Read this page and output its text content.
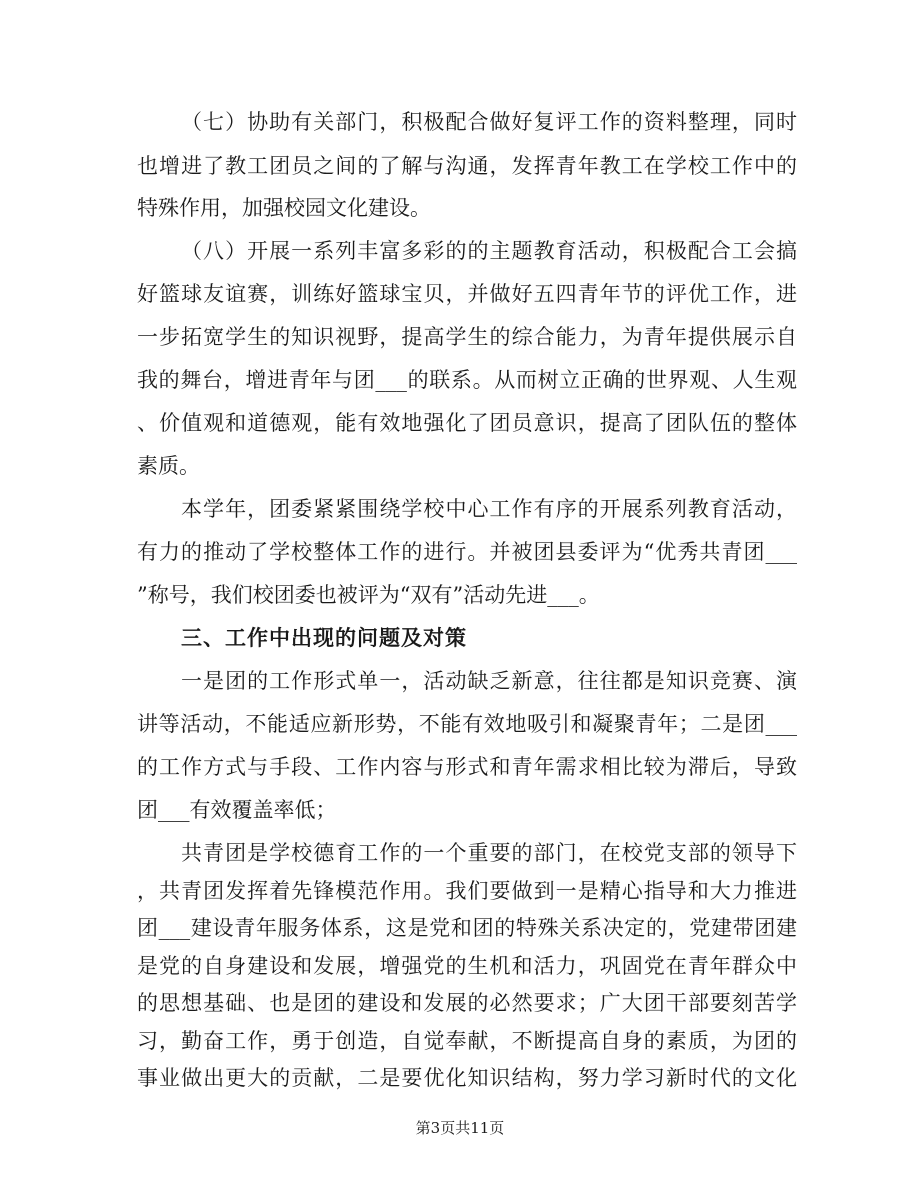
（七）协助有关部门，积极配合做好复评工作的资料整理，同时
也增进了教工团员之间的了解与沟通，发挥青年教工在学校工作中的
特殊作用，加强校园文化建设。
（八）开展一系列丰富多彩的的主题教育活动，积极配合工会搞
好篮球友谊赛，训练好篮球宝贝，并做好五四青年节的评优工作，进
一步拓宽学生的知识视野，提高学生的综合能力，为青年提供展示自
我的舞台，增进青年与团___的联系。从而树立正确的世界观、人生观
、价值观和道德观，能有效地强化了团员意识，提高了团队伍的整体
素质。
本学年，团委紧紧围绕学校中心工作有序的开展系列教育活动，
有力的推动了学校整体工作的进行。并被团县委评为“优秀共青团___
”称号，我们校团委也被评为“双有”活动先进___。
三、工作中出现的问题及对策
一是团的工作形式单一，活动缺乏新意，往往都是知识竞赛、演
讲等活动，不能适应新形势，不能有效地吸引和凝聚青年；二是团___
的工作方式与手段、工作内容与形式和青年需求相比较为滞后，导致
团___有效覆盖率低；
共青团是学校德育工作的一个重要的部门，在校党支部的领导下
，共青团发挥着先锋模范作用。我们要做到一是精心指导和大力推进
团___建设青年服务体系，这是党和团的特殊关系决定的，党建带团建
是党的自身建设和发展，增强党的生机和活力，巩固党在青年群众中
的思想基础、也是团的建设和发展的必然要求；广大团干部要刻苦学
习，勤奋工作，勇于创造，自觉奉献，不断提高自身的素质，为团的
第3页共11页
事业做出更大的贡献，二是要优化知识结构，努力学习新时代的文化
